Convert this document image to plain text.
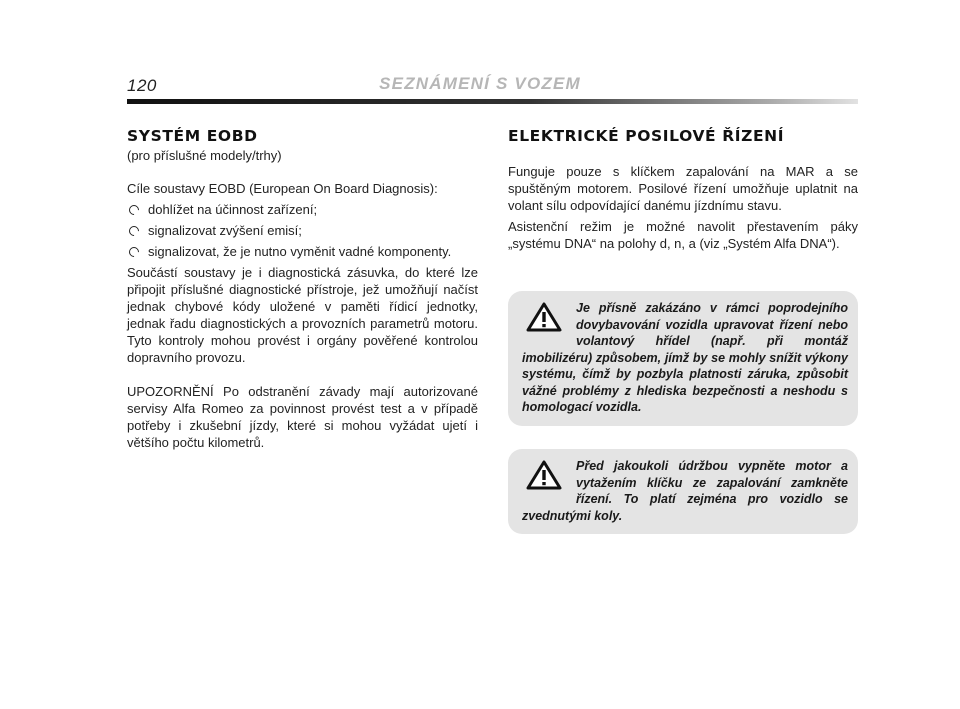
120	SEZNÁMENÍ S VOZEM
SYSTÉM EOBD
(pro příslušné modely/trhy)

Cíle soustavy EOBD (European On Board Diagnosis):

dohlížet na účinnost zařízení;
signalizovat zvýšení emisí;
signalizovat, že je nutno vyměnit vadné komponenty.

Součástí soustavy je i diagnostická zásuvka, do které lze připojit příslušné diagnostické přístroje, jež umožňují načíst jednak chybové kódy uložené v paměti řídicí jednotky, jednak řadu diagnostických a provozních parametrů motoru. Tyto kontroly mohou provést i orgány pověřené kontrolou dopravního provozu.

UPOZORNĚNÍ Po odstranění závady mají autorizované servisy Alfa Romeo za povinnost provést test a v případě potřeby i zkušební jízdy, které si mohou vyžádat ujetí i většího počtu kilometrů.

ELEKTRICKÉ POSILOVÉ ŘÍZENÍ

Funguje pouze s klíčkem zapalování na MAR a se spuštěným motorem. Posilové řízení umožňuje uplatnit na volant sílu odpovídající danému jízdnímu stavu.

Asistenční režim je možné navolit přestavením páky „systému DNA“ na polohy d, n, a (viz „Systém Alfa DNA“).

Je přísně zakázáno v rámci poprodejního dovybavování vozidla upravovat řízení nebo volantový hřídel (např. při montáž imobilizéru) způsobem, jímž by se mohly snížit výkony systému, čímž by pozbyla platnosti záruka, způsobit vážné problémy z hlediska bezpečnosti a neshodu s homologací vozidla.
Před jakoukoli údržbou vypněte motor a vytažením klíčku ze zapalování zamkněte řízení. To platí zejména pro vozidlo se zvednutými koly.
